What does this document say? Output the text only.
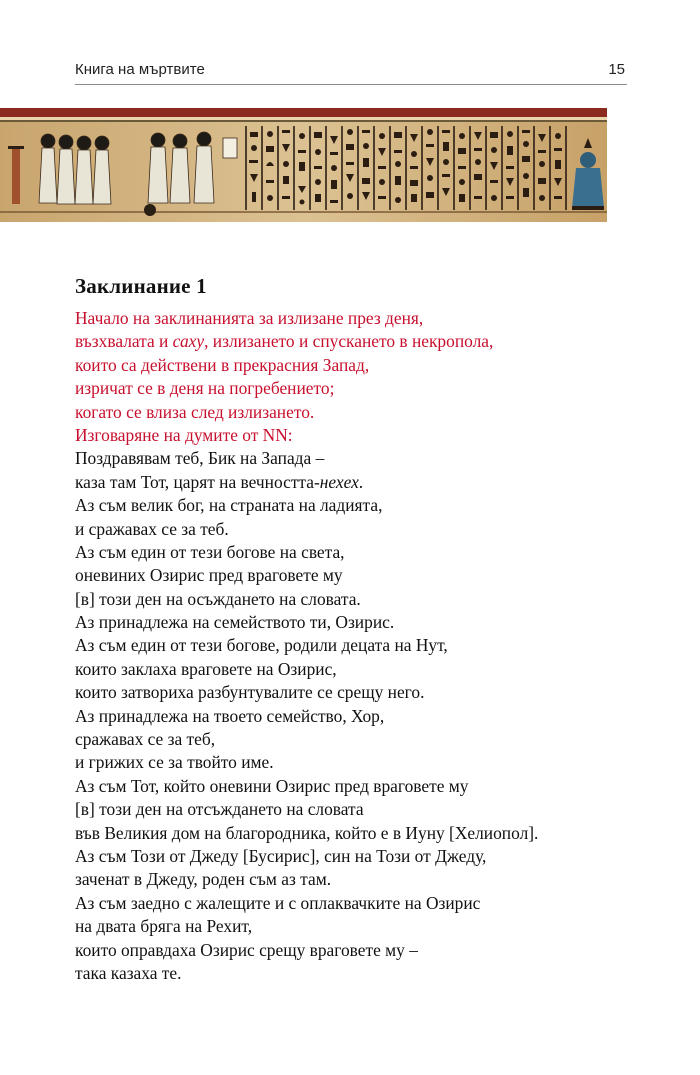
Книга на мъртвите	15
Заклинание 1
Начало на заклинанията за излизане през деня,
възхвалата и саху, излизането и спускането в некропола,
които са действени в прекрасния Запад,
изричат се в деня на погребението;
когато се влиза след излизането.
Изговаряне на думите от NN:
Поздравявам теб, Бик на Запада –
каза там Тот, царят на вечността-нехех.
Аз съм велик бог, на страната на ладията,
и сражавах се за теб.
Аз съм един от тези богове на света,
оневиних Озирис пред враговете му
[в] този ден на осъждането на словата.
Аз принадлежа на семейството ти, Озирис.
Аз съм един от тези богове, родили децата на Нут,
които заклаха враговете на Озирис,
които затвориха разбунтувалите се срещу него.
Аз принадлежа на твоето семейство, Хор,
сражавах се за теб,
и грижих се за твойто име.
Аз съм Тот, който оневини Озирис пред враговете му
[в] този ден на отсъждането на словата
във Великия дом на благородника, който е в Иуну [Хелиопол].
Аз съм Този от Джеду [Бусирис], син на Този от Джеду,
заченат в Джеду, роден съм аз там.
Аз съм заедно с жалещите и с оплаквачките на Озирис
на двата бряга на Рехит,
които оправдаха Озирис срещу враговете му –
така казаха те.
